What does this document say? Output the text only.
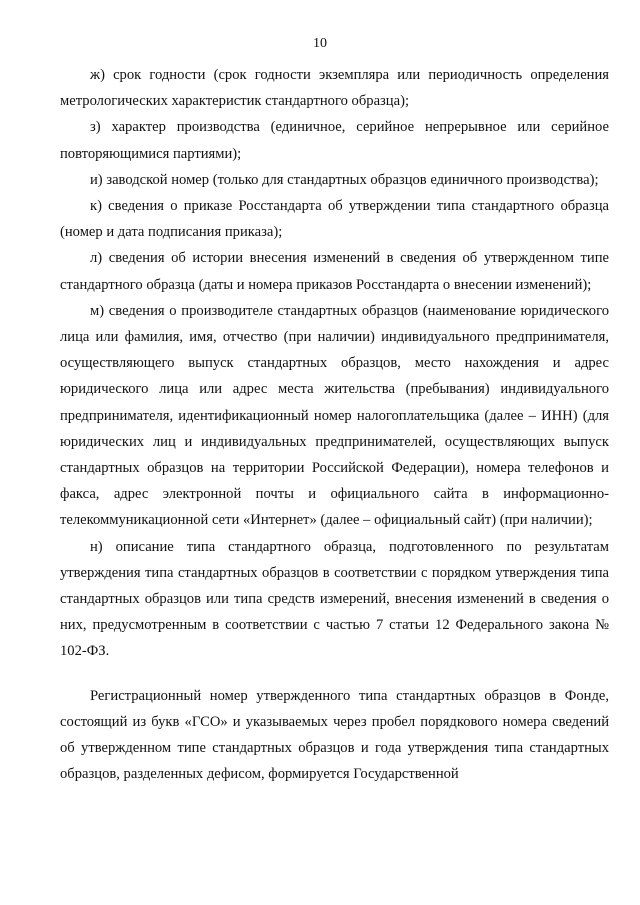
10

ж) срок годности (срок годности экземпляра или периодичность определения метрологических характеристик стандартного образца);

з) характер производства (единичное, серийное непрерывное или серийное повторяющимися партиями);

и) заводской номер (только для стандартных образцов единичного производства);

к) сведения о приказе Росстандарта об утверждении типа стандартного образца (номер и дата подписания приказа);

л) сведения об истории внесения изменений в сведения об утвержденном типе стандартного образца (даты и номера приказов Росстандарта о внесении изменений);

м) сведения о производителе стандартных образцов (наименование юридического лица или фамилия, имя, отчество (при наличии) индивидуального предпринимателя, осуществляющего выпуск стандартных образцов, место нахождения и адрес юридического лица или адрес места жительства (пребывания) индивидуального предпринимателя, идентификационный номер налогоплательщика (далее – ИНН) (для юридических лиц и индивидуальных предпринимателей, осуществляющих выпуск стандартных образцов на территории Российской Федерации), номера телефонов и факса, адрес электронной почты и официального сайта в информационно-телекоммуникационной сети «Интернет» (далее – официальный сайт) (при наличии);

н) описание типа стандартного образца, подготовленного по результатам утверждения типа стандартных образцов в соответствии с порядком утверждения типа стандартных образцов или типа средств измерений, внесения изменений в сведения о них, предусмотренным в соответствии с частью 7 статьи 12 Федерального закона № 102-ФЗ.

Регистрационный номер утвержденного типа стандартных образцов в Фонде, состоящий из букв «ГСО» и указываемых через пробел порядкового номера сведений об утвержденном типе стандартных образцов и года утверждения типа стандартных образцов, разделенных дефисом, формируется Государственной
